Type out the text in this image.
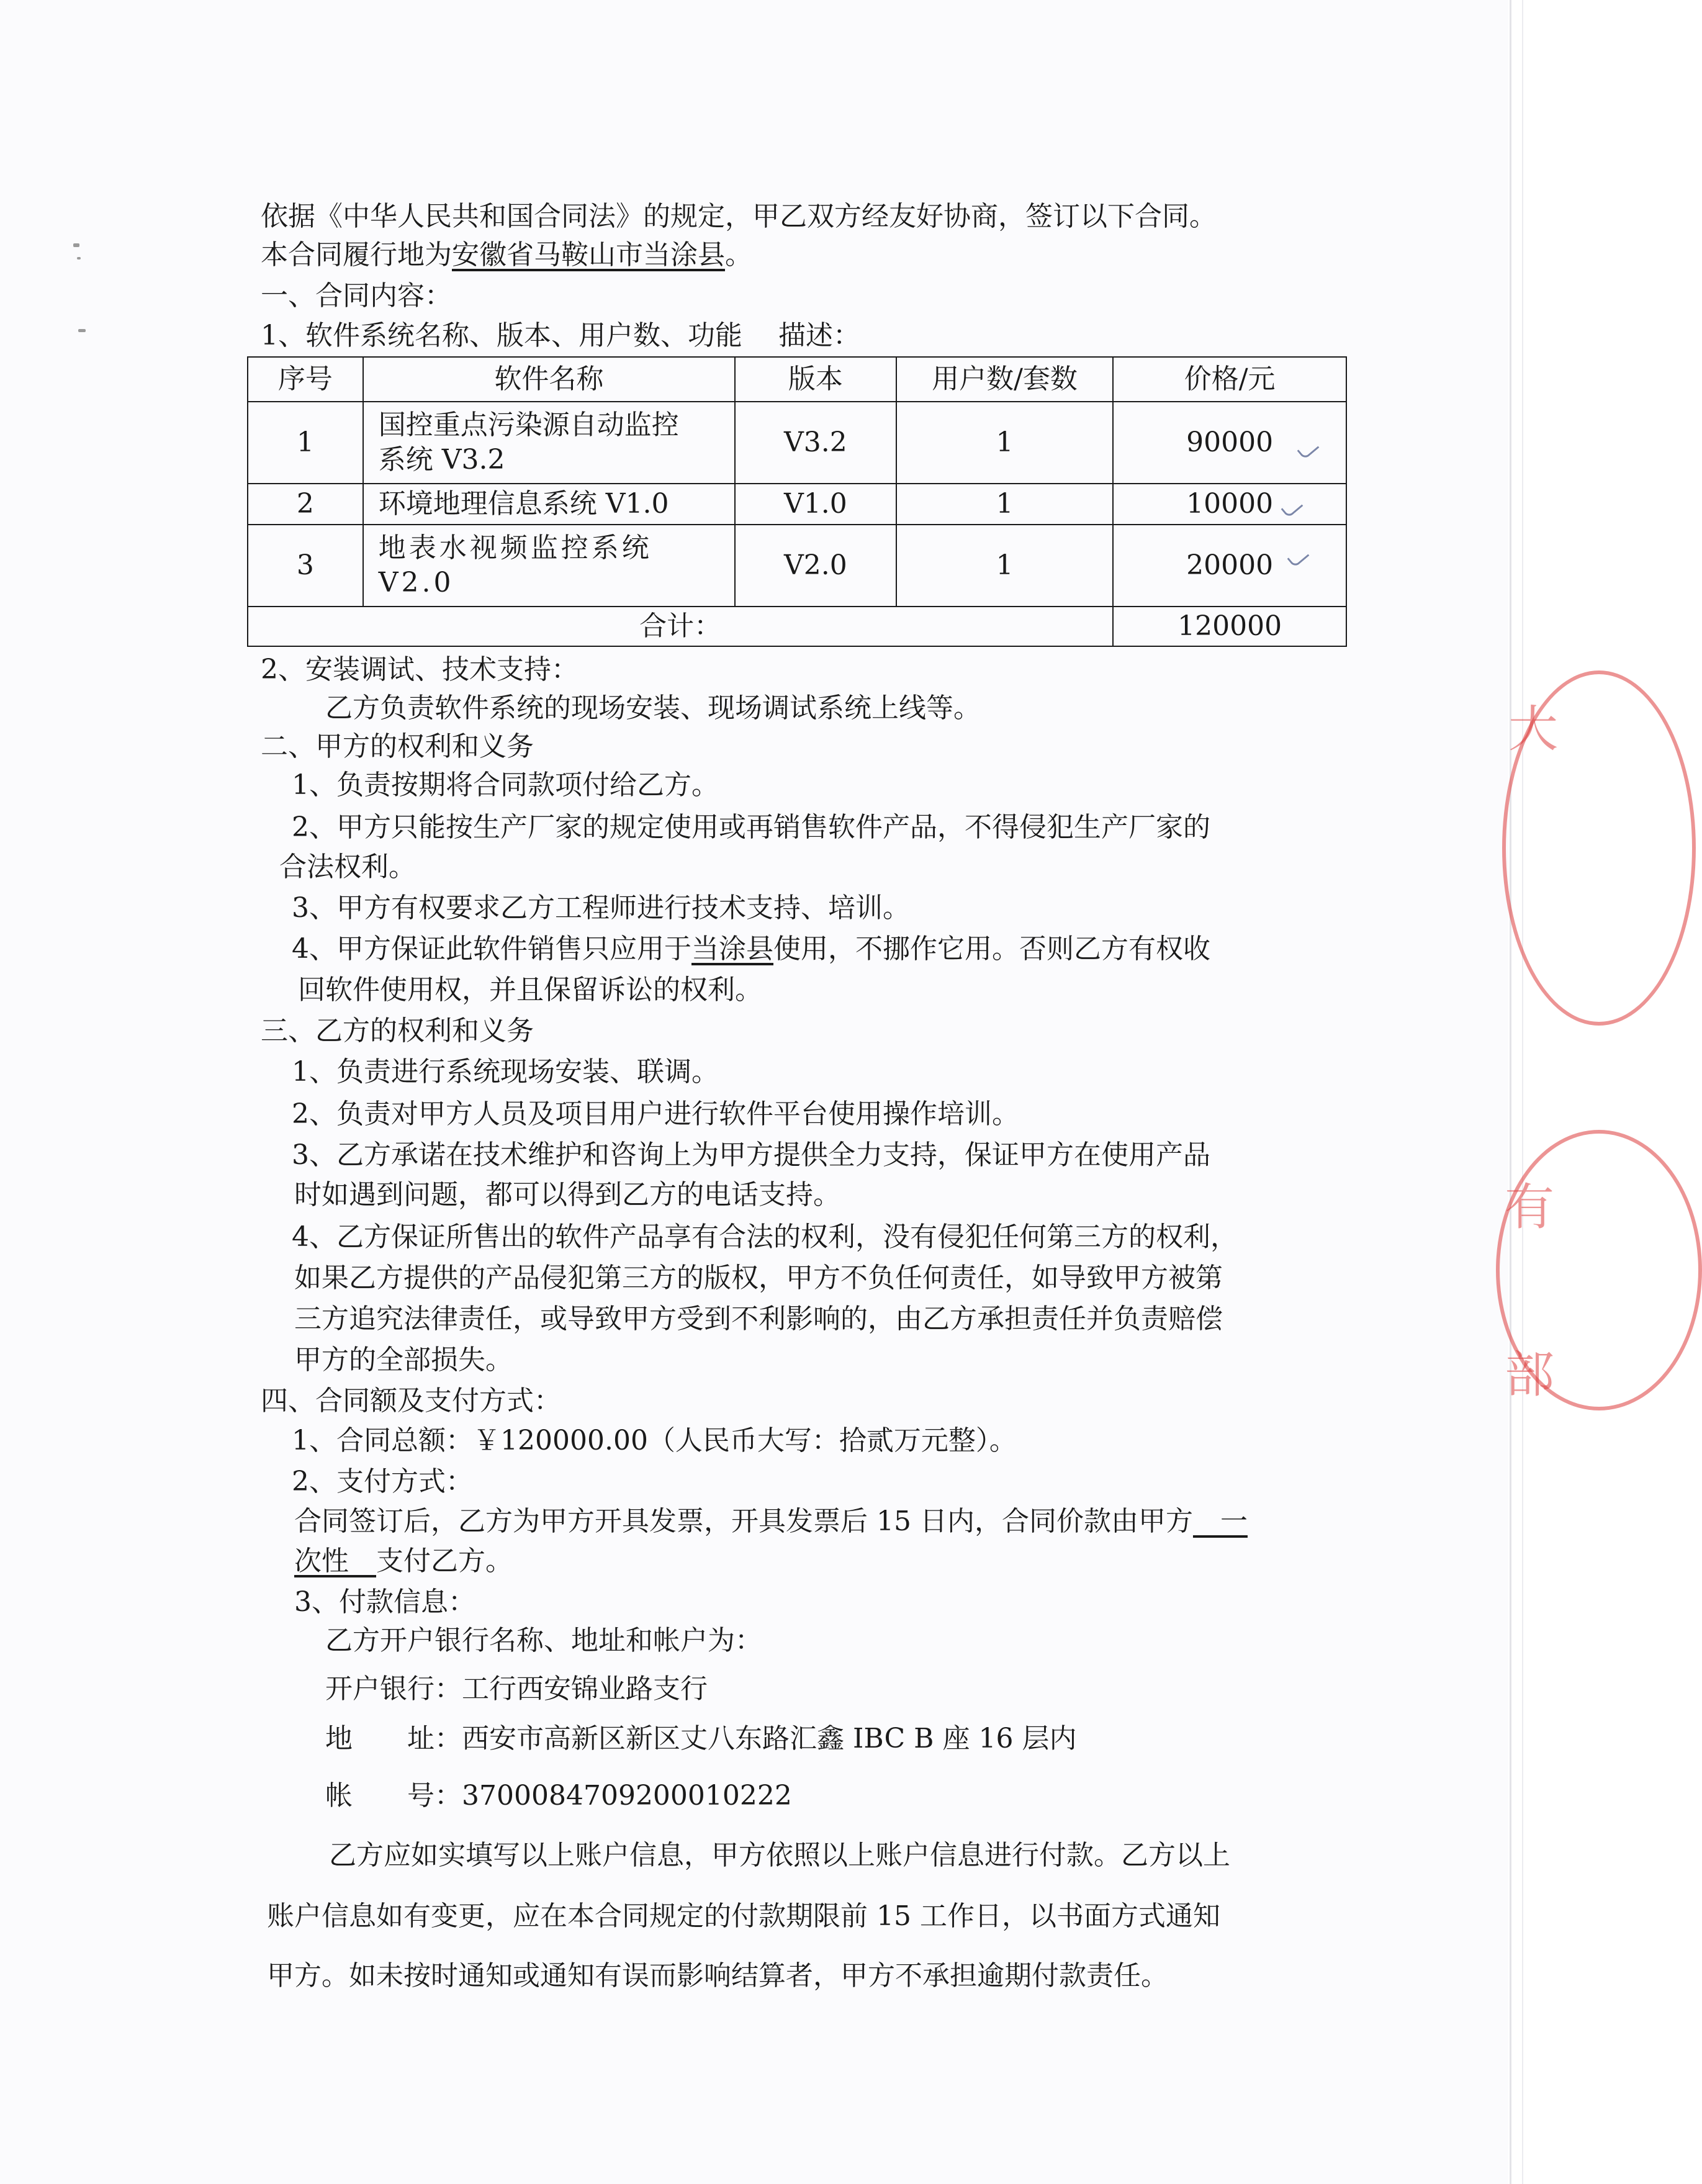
大
有
部
依据《中华人民共和国合同法》的规定，甲乙双方经友好协商，签订以下合同。
本合同履行地为安徽省马鞍山市当涂县。
一、合同内容：
1、软件系统名称、版本、用户数、功能　 描述：
序号	软件名称	版本	用户数/套数	价格/元
1	国控重点污染源自动监控
系统 V3.2	V3.2	1	90000
2	环境地理信息系统 V1.0	V1.0	1	10000
3	地表水视频监控系统
V2.0	V2.0	1	20000
合计：				120000
2、安装调试、技术支持：
乙方负责软件系统的现场安装、现场调试系统上线等。
二、甲方的权利和义务
1、负责按期将合同款项付给乙方。
2、甲方只能按生产厂家的规定使用或再销售软件产品，不得侵犯生产厂家的
合法权利。
3、甲方有权要求乙方工程师进行技术支持、培训。
4、甲方保证此软件销售只应用于当涂县使用，不挪作它用。否则乙方有权收
回软件使用权，并且保留诉讼的权利。
三、乙方的权利和义务
1、负责进行系统现场安装、联调。
2、负责对甲方人员及项目用户进行软件平台使用操作培训。
3、乙方承诺在技术维护和咨询上为甲方提供全力支持，保证甲方在使用产品
时如遇到问题，都可以得到乙方的电话支持。
4、乙方保证所售出的软件产品享有合法的权利，没有侵犯任何第三方的权利，
如果乙方提供的产品侵犯第三方的版权，甲方不负任何责任，如导致甲方被第
三方追究法律责任，或导致甲方受到不利影响的，由乙方承担责任并负责赔偿
甲方的全部损失。
四、合同额及支付方式：
1、合同总额：￥120000.00（人民币大写：拾贰万元整）。
2、支付方式：
合同签订后，乙方为甲方开具发票，开具发票后 15 日内，合同价款由甲方　一
次性　支付乙方。
3、付款信息：
乙方开户银行名称、地址和帐户为：
开户银行：工行西安锦业路支行
地　　址：西安市高新区新区丈八东路汇鑫 IBC B 座 16 层内
帐　　号：3700084709200010222
乙方应如实填写以上账户信息，甲方依照以上账户信息进行付款。乙方以上
账户信息如有变更，应在本合同规定的付款期限前 15 工作日，以书面方式通知
甲方。如未按时通知或通知有误而影响结算者，甲方不承担逾期付款责任。
